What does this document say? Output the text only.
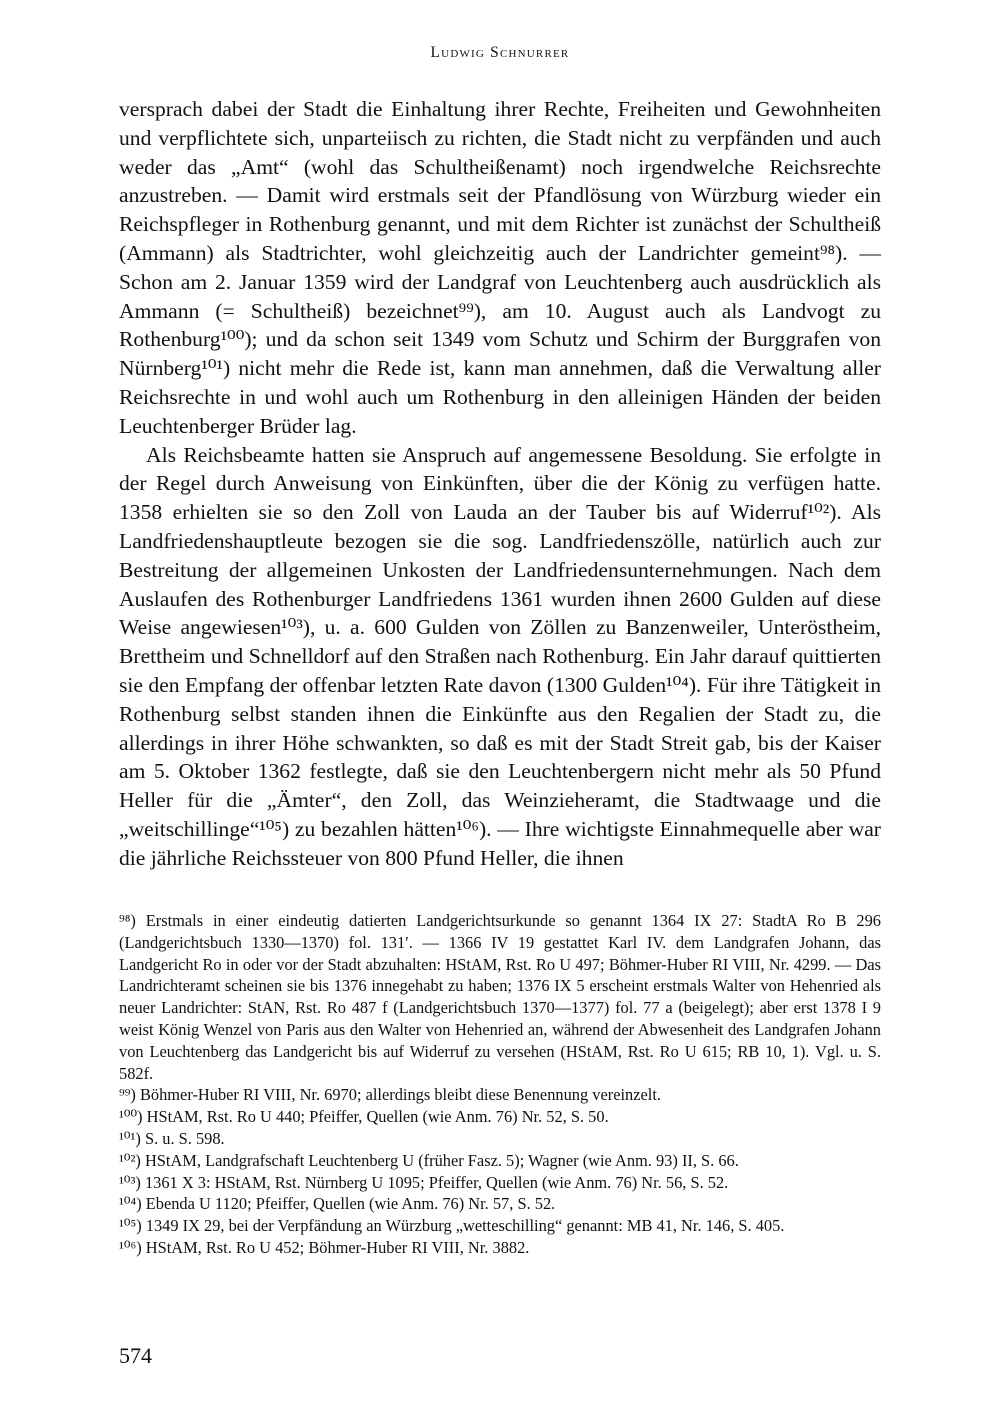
Ludwig Schnurrer

versprach dabei der Stadt die Einhaltung ihrer Rechte, Freiheiten und Gewohnheiten und verpflichtete sich, unparteiisch zu richten, die Stadt nicht zu verpfänden und auch weder das „Amt“ (wohl das Schultheißenamt) noch irgendwelche Reichsrechte anzustreben. — Damit wird erstmals seit der Pfandlösung von Würzburg wieder ein Reichspfleger in Rothenburg genannt, und mit dem Richter ist zunächst der Schultheiß (Ammann) als Stadtrichter, wohl gleichzeitig auch der Landrichter gemeint⁹⁸). — Schon am 2. Januar 1359 wird der Landgraf von Leuchtenberg auch ausdrücklich als Ammann (= Schultheiß) bezeichnet⁹⁹), am 10. August auch als Landvogt zu Rothenburg¹⁰⁰); und da schon seit 1349 vom Schutz und Schirm der Burggrafen von Nürnberg¹⁰¹) nicht mehr die Rede ist, kann man annehmen, daß die Verwaltung aller Reichsrechte in und wohl auch um Rothenburg in den alleinigen Händen der beiden Leuchtenberger Brüder lag.

Als Reichsbeamte hatten sie Anspruch auf angemessene Besoldung. Sie erfolgte in der Regel durch Anweisung von Einkünften, über die der König zu verfügen hatte. 1358 erhielten sie so den Zoll von Lauda an der Tauber bis auf Widerruf¹⁰²). Als Landfriedenshauptleute bezogen sie die sog. Landfriedenszölle, natürlich auch zur Bestreitung der allgemeinen Unkosten der Landfriedensunternehmungen. Nach dem Auslaufen des Rothenburger Landfriedens 1361 wurden ihnen 2600 Gulden auf diese Weise angewiesen¹⁰³), u. a. 600 Gulden von Zöllen zu Banzenweiler, Unteröstheim, Brettheim und Schnelldorf auf den Straßen nach Rothenburg. Ein Jahr darauf quittierten sie den Empfang der offenbar letzten Rate davon (1300 Gulden¹⁰⁴). Für ihre Tätigkeit in Rothenburg selbst standen ihnen die Einkünfte aus den Regalien der Stadt zu, die allerdings in ihrer Höhe schwankten, so daß es mit der Stadt Streit gab, bis der Kaiser am 5. Oktober 1362 festlegte, daß sie den Leuchtenbergern nicht mehr als 50 Pfund Heller für die „Ämter“, den Zoll, das Weinzieheramt, die Stadtwaage und die „weitschillinge“¹⁰⁵) zu bezahlen hätten¹⁰⁶). — Ihre wichtigste Einnahmequelle aber war die jährliche Reichssteuer von 800 Pfund Heller, die ihnen

⁹⁸) Erstmals in einer eindeutig datierten Landgerichtsurkunde so genannt 1364 IX 27: StadtA Ro B 296 (Landgerichtsbuch 1330—1370) fol. 131′. — 1366 IV 19 gestattet Karl IV. dem Landgrafen Johann, das Landgericht Ro in oder vor der Stadt abzuhalten: HStAM, Rst. Ro U 497; Böhmer-Huber RI VIII, Nr. 4299. — Das Landrichteramt scheinen sie bis 1376 innegehabt zu haben; 1376 IX 5 erscheint erstmals Walter von Hehenried als neuer Landrichter: StAN, Rst. Ro 487 f (Landgerichtsbuch 1370—1377) fol. 77 a (beigelegt); aber erst 1378 I 9 weist König Wenzel von Paris aus den Walter von Hehenried an, während der Abwesenheit des Landgrafen Johann von Leuchtenberg das Landgericht bis auf Widerruf zu versehen (HStAM, Rst. Ro U 615; RB 10, 1). Vgl. u. S. 582f.
⁹⁹) Böhmer-Huber RI VIII, Nr. 6970; allerdings bleibt diese Benennung vereinzelt.
¹⁰⁰) HStAM, Rst. Ro U 440; Pfeiffer, Quellen (wie Anm. 76) Nr. 52, S. 50.
¹⁰¹) S. u. S. 598.
¹⁰²) HStAM, Landgrafschaft Leuchtenberg U (früher Fasz. 5); Wagner (wie Anm. 93) II, S. 66.
¹⁰³) 1361 X 3: HStAM, Rst. Nürnberg U 1095; Pfeiffer, Quellen (wie Anm. 76) Nr. 56, S. 52.
¹⁰⁴) Ebenda U 1120; Pfeiffer, Quellen (wie Anm. 76) Nr. 57, S. 52.
¹⁰⁵) 1349 IX 29, bei der Verpfändung an Würzburg „wetteschilling“ genannt: MB 41, Nr. 146, S. 405.
¹⁰⁶) HStAM, Rst. Ro U 452; Böhmer-Huber RI VIII, Nr. 3882.
574
